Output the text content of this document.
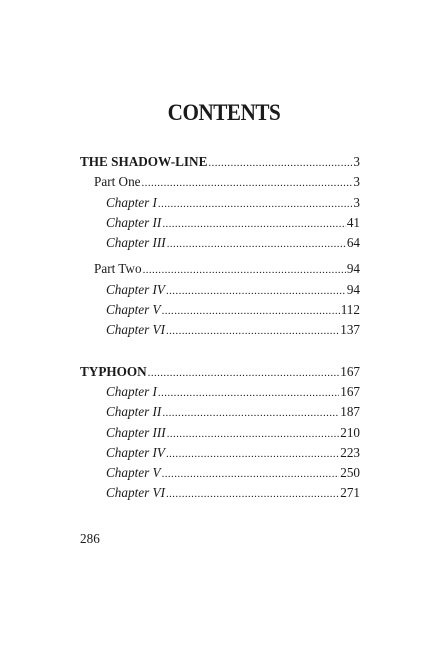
CONTENTS
THE SHADOW-LINE .....	3
Part One .....	3
Chapter I .....	3
Chapter II .....	41
Chapter III .....	64
Part Two .....	94
Chapter IV .....	94
Chapter V .....	112
Chapter VI .....	137
TYPHOON .....	167
Chapter I .....	167
Chapter II .....	187
Chapter III .....	210
Chapter IV .....	223
Chapter V .....	250
Chapter VI .....	271
286
